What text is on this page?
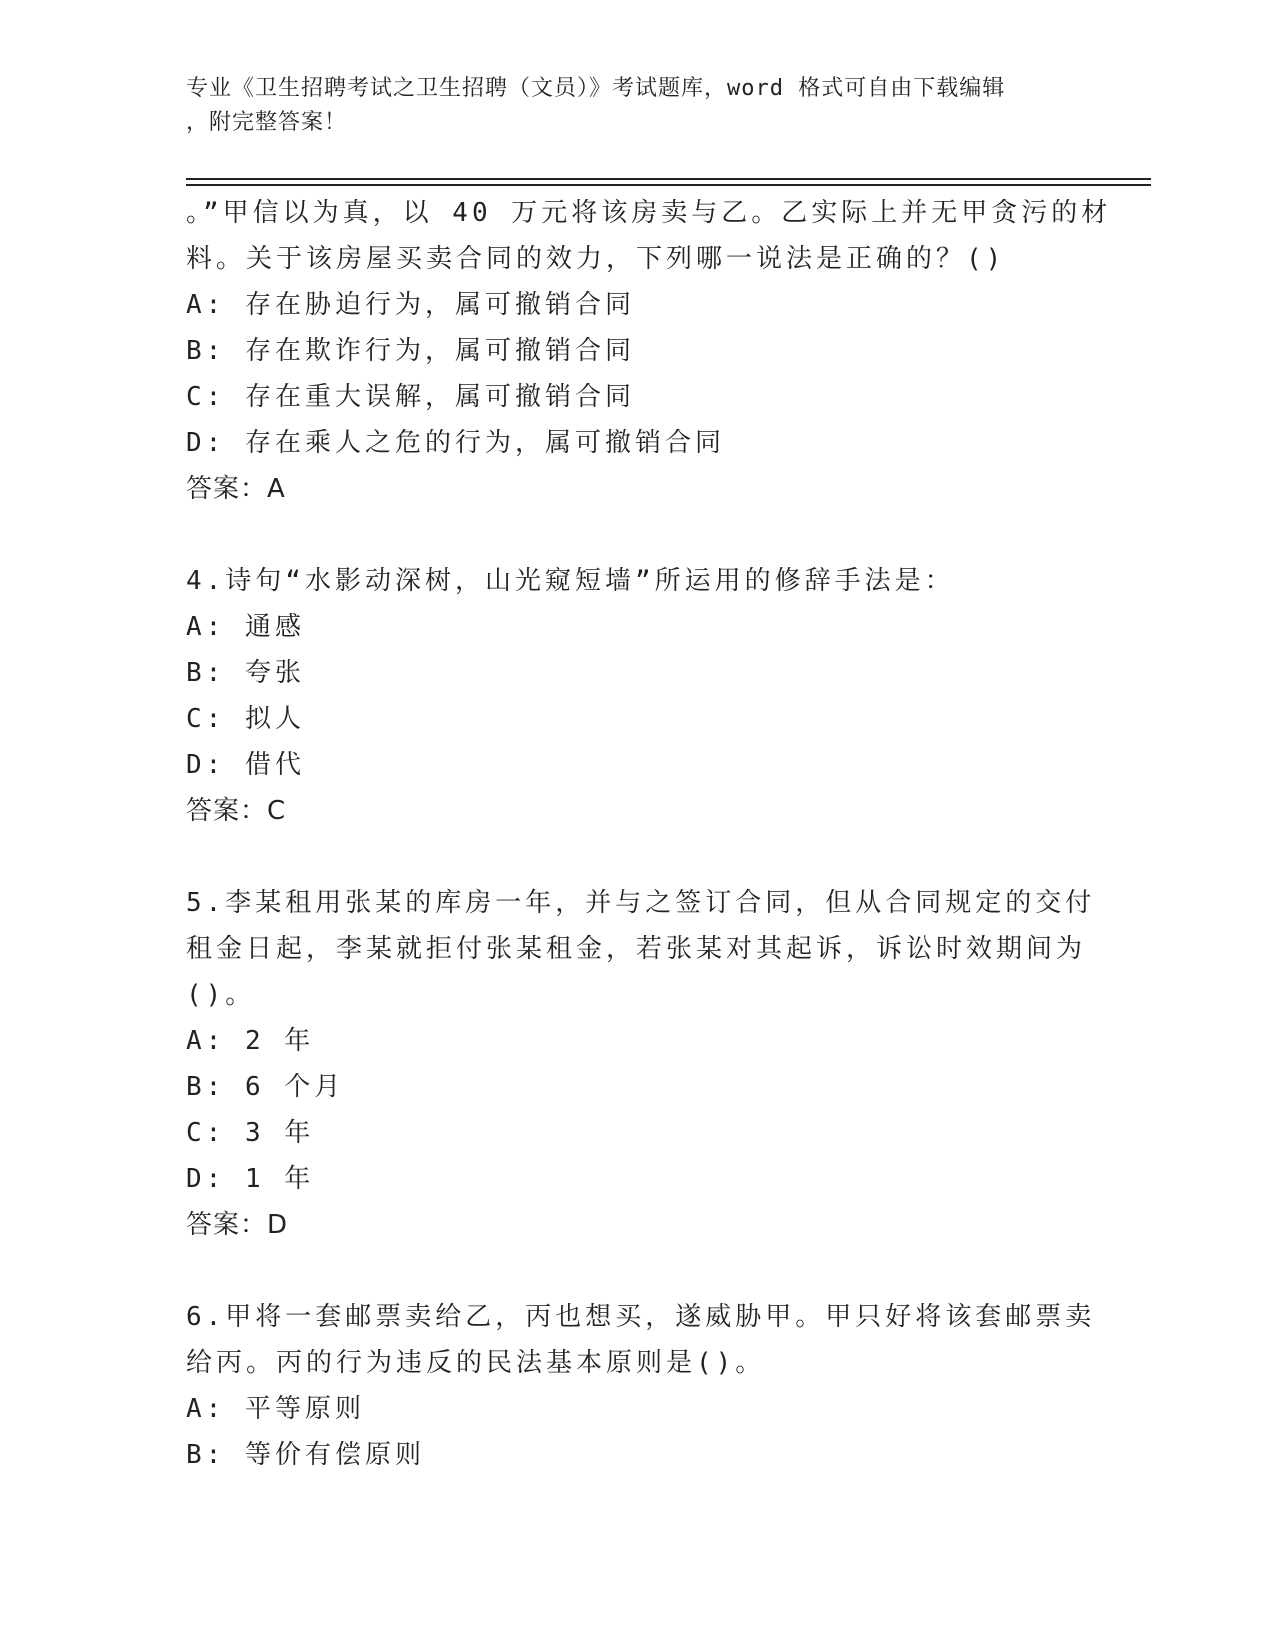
专业《卫生招聘考试之卫生招聘（文员）》考试题库，word 格式可自由下载编辑
，附完整答案！
。”甲信以为真，以 40 万元将该房卖与乙。乙实际上并无甲贪污的材
料。关于该房屋买卖合同的效力，下列哪一说法是正确的？()
A: 存在胁迫行为，属可撤销合同
B: 存在欺诈行为，属可撤销合同
C: 存在重大误解，属可撤销合同
D: 存在乘人之危的行为，属可撤销合同
答案：A
4.诗句“水影动深树，山光窥短墙”所运用的修辞手法是：
A: 通感
B: 夸张
C: 拟人
D: 借代
答案：C
5.李某租用张某的库房一年，并与之签订合同，但从合同规定的交付
租金日起，李某就拒付张某租金，若张某对其起诉，诉讼时效期间为
()。
A: 2 年
B: 6 个月
C: 3 年
D: 1 年
答案：D
6.甲将一套邮票卖给乙，丙也想买，遂威胁甲。甲只好将该套邮票卖
给丙。丙的行为违反的民法基本原则是()。
A: 平等原则
B: 等价有偿原则
